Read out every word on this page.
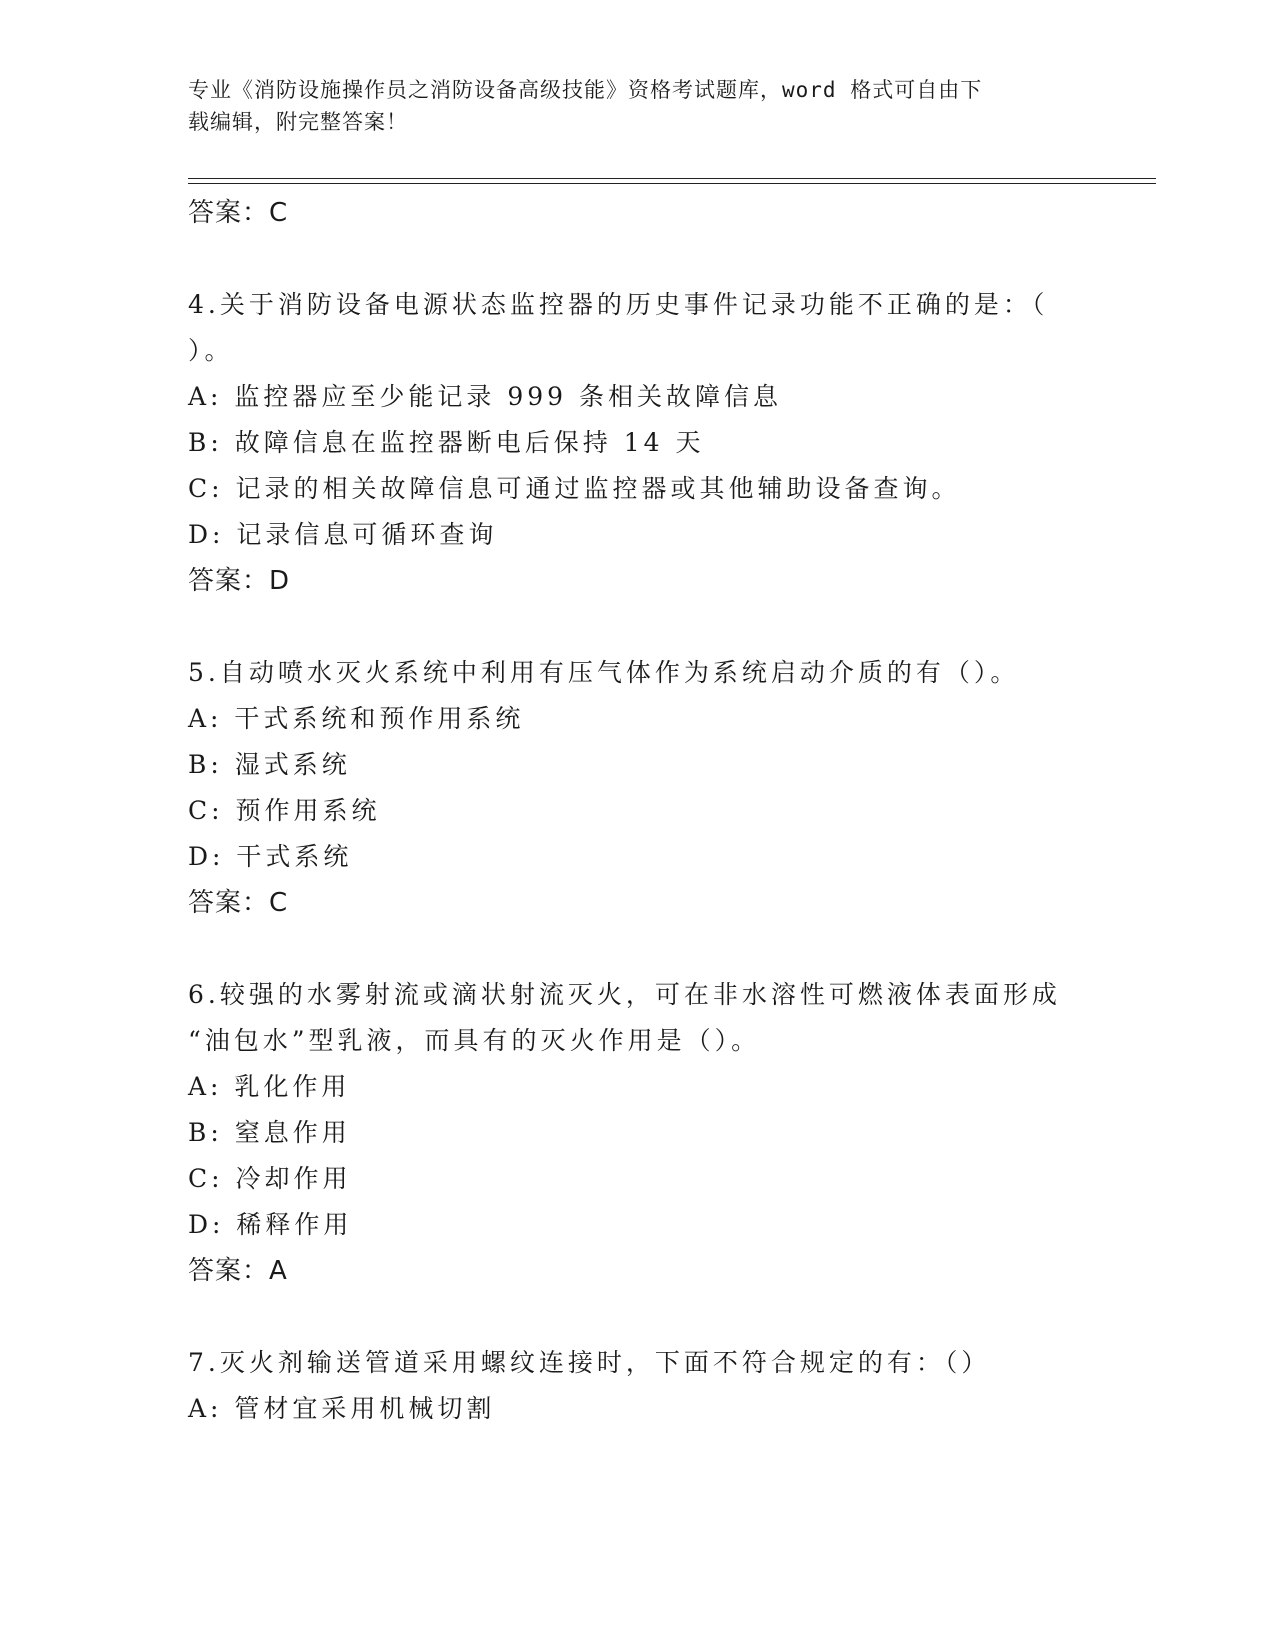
专业《消防设施操作员之消防设备高级技能》资格考试题库，word 格式可自由下
载编辑，附完整答案！
答案：C
4.关于消防设备电源状态监控器的历史事件记录功能不正确的是：（
）。
A: 监控器应至少能记录 999 条相关故障信息
B: 故障信息在监控器断电后保持 14 天
C: 记录的相关故障信息可通过监控器或其他辅助设备查询。
D: 记录信息可循环查询
答案：D
5.自动喷水灭火系统中利用有压气体作为系统启动介质的有（）。
A: 干式系统和预作用系统
B: 湿式系统
C: 预作用系统
D: 干式系统
答案：C
6.较强的水雾射流或滴状射流灭火，可在非水溶性可燃液体表面形成
“油包水”型乳液，而具有的灭火作用是（）。
A: 乳化作用
B: 窒息作用
C: 冷却作用
D: 稀释作用
答案：A
7.灭火剂输送管道采用螺纹连接时，下面不符合规定的有：（）
A: 管材宜采用机械切割
